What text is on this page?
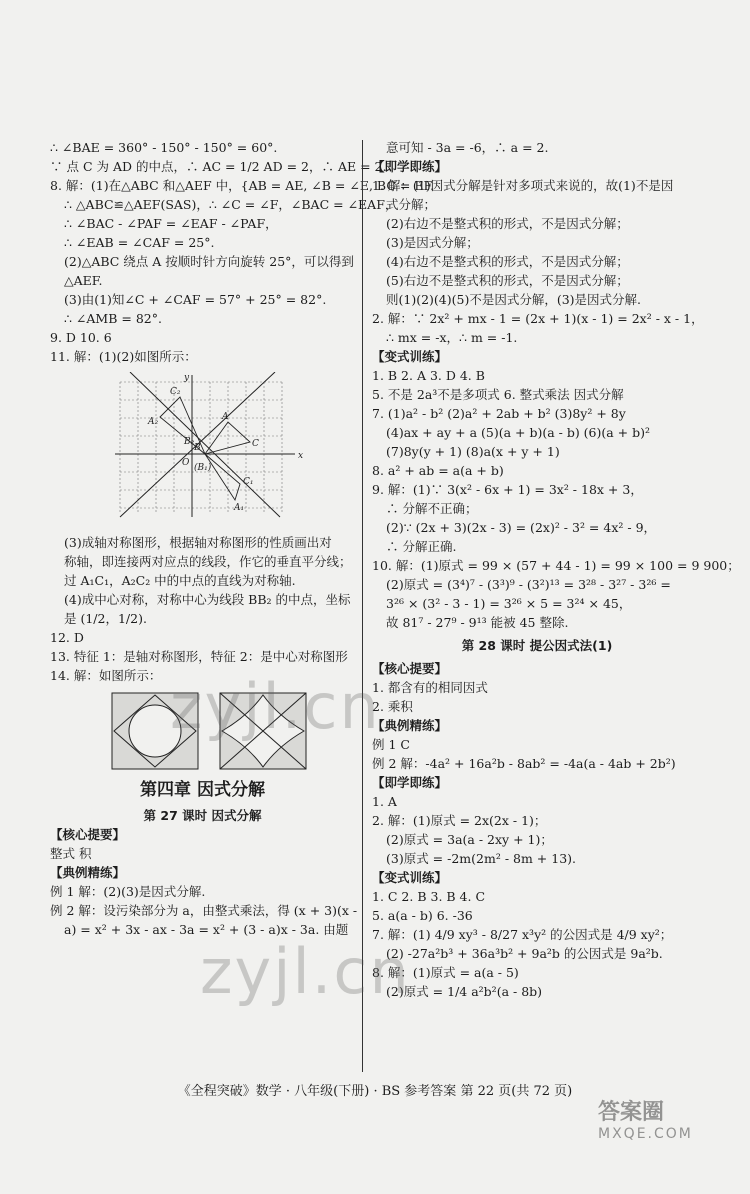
∴ ∠BAE = 360° - 150° - 150° = 60°.
∵ 点 C 为 AD 的中点，∴ AC = 1/2 AD = 2，∴ AE = 2.
8. 解：(1)在△ABC 和△AEF 中，{AB = AE, ∠B = ∠E, BC = EF.
∴ △ABC≌△AEF(SAS)，∴ ∠C = ∠F，∠BAC = ∠EAF，
∴ ∠BAC - ∠PAF = ∠EAF - ∠PAF，
∴ ∠EAB = ∠CAF = 25°.
(2)△ABC 绕点 A 按顺时针方向旋转 25°，可以得到
△AEF.
(3)由(1)知∠C + ∠CAF = 57° + 25° = 82°.
∴ ∠AMB = 82°.
9. D 10. 6
11. 解：(1)(2)如图所示：
x
y
O
A
A₂
C₂
C
B
(B₁)
B₂
C₁
A₁
(3)成轴对称图形，根据轴对称图形的性质画出对
称轴，即连接两对应点的线段，作它的垂直平分线；
过 A₁C₁，A₂C₂ 中的中点的直线为对称轴.
(4)成中心对称，对称中心为线段 BB₂ 的中点，坐标
是 (1/2，1/2).
12. D
13. 特征 1：是轴对称图形，特征 2：是中心对称图形
14. 解：如图所示：
第四章 因式分解
第 27 课时 因式分解
【核心提要】
整式 积
【典例精练】
例 1 解：(2)(3)是因式分解.
例 2 解：设污染部分为 a，由整式乘法，得 (x + 3)(x -
a) = x² + 3x - ax - 3a = x² + (3 - a)x - 3a. 由题
意可知 - 3a = -6，∴ a = 2.
【即学即练】
1. 解：(1)因式分解是针对多项式来说的，故(1)不是因
式分解；
(2)右边不是整式积的形式，不是因式分解；
(3)是因式分解；
(4)右边不是整式积的形式，不是因式分解；
(5)右边不是整式积的形式，不是因式分解；
则(1)(2)(4)(5)不是因式分解，(3)是因式分解.
2. 解：∵ 2x² + mx - 1 = (2x + 1)(x - 1) = 2x² - x - 1，
∴ mx = -x，∴ m = -1.
【变式训练】
1. B 2. A 3. D 4. B
5. 不是 2a³不是多项式 6. 整式乘法 因式分解
7. (1)a² - b² (2)a² + 2ab + b² (3)8y² + 8y
(4)ax + ay + a (5)(a + b)(a - b) (6)(a + b)²
(7)8y(y + 1) (8)a(x + y + 1)
8. a² + ab = a(a + b)
9. 解：(1)∵ 3(x² - 6x + 1) = 3x² - 18x + 3，
∴ 分解不正确；
(2)∵ (2x + 3)(2x - 3) = (2x)² - 3² = 4x² - 9，
∴ 分解正确.
10. 解：(1)原式 = 99 × (57 + 44 - 1) = 99 × 100 = 9 900；
(2)原式 = (3⁴)⁷ - (3³)⁹ - (3²)¹³ = 3²⁸ - 3²⁷ - 3²⁶ =
3²⁶ × (3² - 3 - 1) = 3²⁶ × 5 = 3²⁴ × 45，
故 81⁷ - 27⁹ - 9¹³ 能被 45 整除.
第 28 课时 提公因式法(1)
【核心提要】
1. 都含有的相同因式
2. 乘积
【典例精练】
例 1 C
例 2 解：-4a² + 16a²b - 8ab² = -4a(a - 4ab + 2b²)
【即学即练】
1. A
2. 解：(1)原式 = 2x(2x - 1)；
(2)原式 = 3a(a - 2xy + 1)；
(3)原式 = -2m(2m² - 8m + 13).
【变式训练】
1. C 2. B 3. B 4. C
5. a(a - b) 6. -36
7. 解：(1) 4/9 xy³ - 8/27 x³y² 的公因式是 4/9 xy²；
(2) -27a²b³ + 36a³b² + 9a²b 的公因式是 9a²b.
8. 解：(1)原式 = a(a - 5)
(2)原式 = 1/4 a²b²(a - 8b)
zyjl.cn
zyjl.cn
《全程突破》数学 · 八年级(下册) · BS 参考答案 第 22 页(共 72 页)
答案圈
MXQE.COM
